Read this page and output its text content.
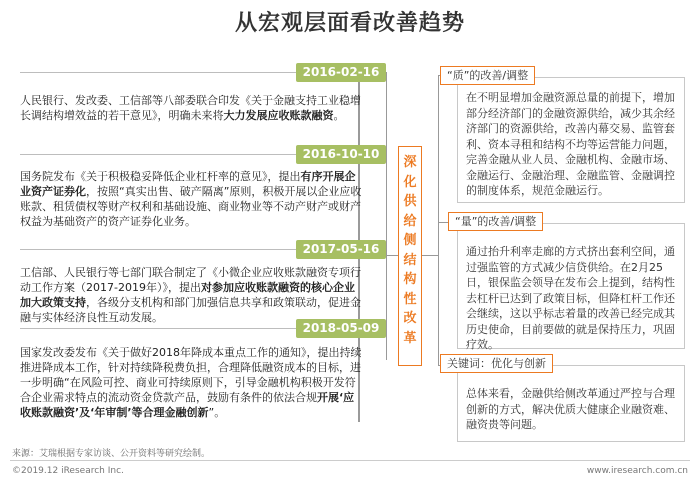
从宏观层面看改善趋势
2016-02-16
人民银行、发改委、工信部等八部委联合印发《关于金融支持工业稳增长调结构增效益的若干意见》，明确未来将大力发展应收账款融资。
2016-10-10
国务院发布《关于积极稳妥降低企业杠杆率的意见》，提出有序开展企业资产证券化，按照“真实出售、破产隔离”原则，积极开展以企业应收账款、租赁债权等财产权利和基础设施、商业物业等不动产财产或财产权益为基础资产的资产证券化业务。
2017-05-16
工信部、人民银行等七部门联合制定了《小微企业应收账款融资专项行动工作方案（2017-2019年）》，提出对参加应收账款融资的核心企业加大政策支持，各级分支机构和部门加强信息共享和政策联动，促进金融与实体经济良性互动发展。
2018-05-09
国家发改委发布《关于做好2018年降成本重点工作的通知》，提出持续推进降成本工作，针对持续降税费负担，合理降低融资成本的目标，进一步明确“在风险可控、商业可持续原则下，引导金融机构积极开发符合企业需求特点的流动资金贷款产品，鼓励有条件的依法合规开展‘应收账款融资’及‘年审制’等合理金融创新”。
深
化
供
给
侧
结
构
性
改
革
在不明显增加金融资源总量的前提下，增加部分经济部门的金融资源供给，减少其余经济部门的资源供给，改善内幕交易、监管套利、资本寻租和结构不均等运营能力问题，完善金融从业人员、金融机构、金融市场、金融运行、金融治理、金融监管、金融调控的制度体系，规范金融运行。
“质”的改善/调整
通过抬升利率走廊的方式挤出套利空间，通过强监管的方式减少信贷供给。在2月25日，银保监会领导在发布会上提到，结构性去杠杆已达到了政策目标，但降杠杆工作还会继续，这以乎标志着量的改善已经完成其历史使命，目前要做的就是保持压力，巩固疗效。
“量”的改善/调整
总体来看，金融供给侧改革通过严控与合理创新的方式，解决优质大健康企业融资难、融资贵等问题。
关键词：优化与创新
来源：艾瑞根据专家访谈、公开资料等研究绘制。
©2019.12 iResearch Inc.	www.iresearch.com.cn
